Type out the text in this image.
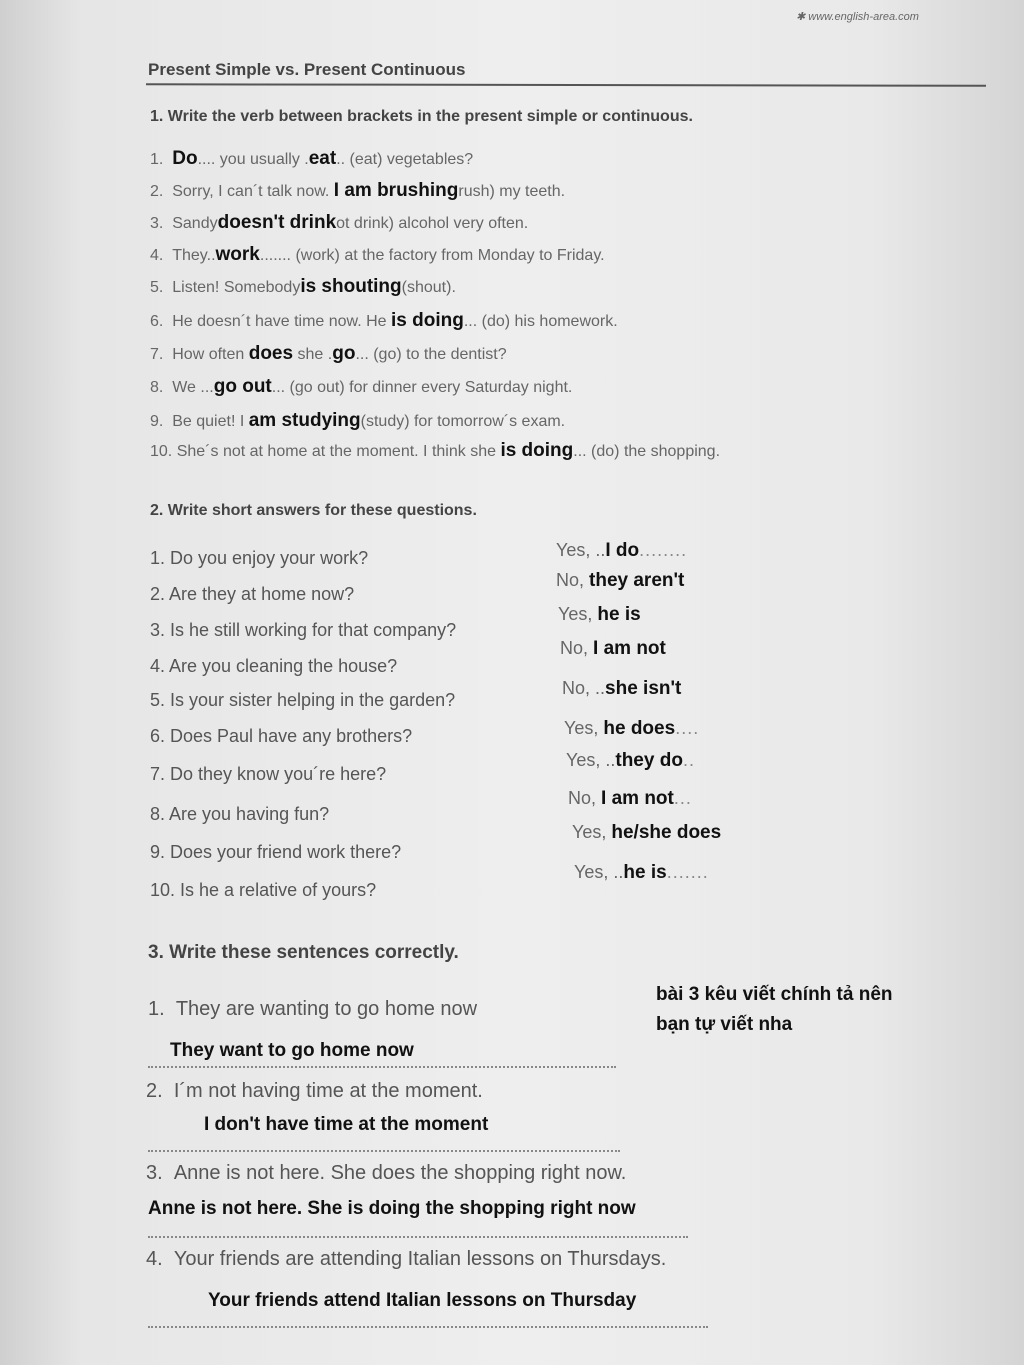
✱ www.english-area.com
Present Simple vs. Present Continuous
1. Write the verb between brackets in the present simple or continuous.
1. Do.... you usually .eat.. (eat) vegetables?
2. Sorry, I can´t talk now. I am brushingrush) my teeth.
3. Sandydoesn't drinkot drink) alcohol very often.
4. They..work....... (work) at the factory from Monday to Friday.
5. Listen! Somebodyis shouting(shout).
6. He doesn´t have time now. He is doing... (do) his homework.
7. How often does she .go... (go) to the dentist?
8. We ...go out... (go out) for dinner every Saturday night.
9. Be quiet! I am studying(study) for tomorrow´s exam.
10. She´s not at home at the moment. I think she is doing... (do) the shopping.
2. Write short answers for these questions.
1. Do you enjoy your work?	Yes, ..I do........
2. Are they at home now?
No, they aren't
3. Is he still working for that company?
Yes, he is
4. Are you cleaning the house?
No, I am not
5. Is your sister helping in the garden?
No, ..she isn't
6. Does Paul have any brothers?	Yes, he does....
7. Do they know you´re here?
Yes, ..they do..
8. Are you having fun?
No, I am not...
9. Does your friend work there?
Yes, he/she does
10. Is he a relative of yours?
Yes, ..he is.......
3. Write these sentences correctly.
bài 3 kêu viết chính tả nên bạn tự viết nha
1. They are wanting to go home now
They want to go home now
2. I´m not having time at the moment.
I don't have time at the moment
3. Anne is not here. She does the shopping right now.
Anne is not here. She is doing the shopping right now
4. Your friends are attending Italian lessons on Thursdays.
Your friends attend Italian lessons on Thursday
